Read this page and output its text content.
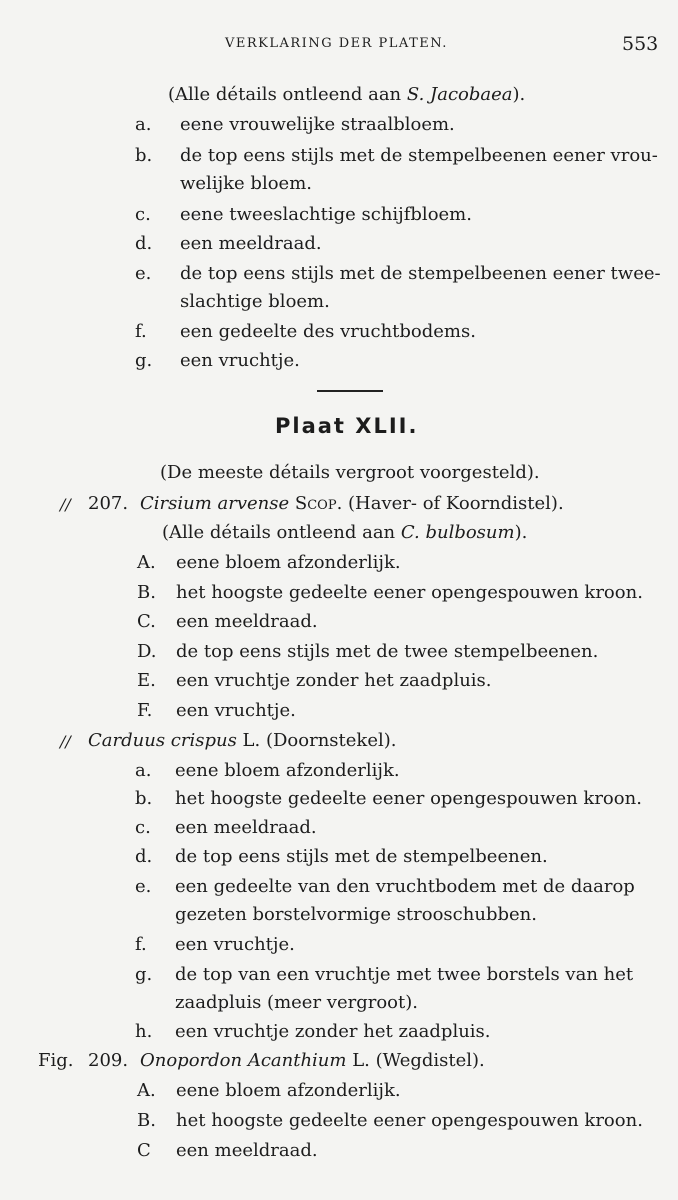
VERKLARING DER PLATEN.	553
(Alle détails ontleend aan S. Jacobaea).
a. eene vrouwelijke straalbloem.
b. de top eens stijls met de stempelbeenen eener vrou-
welijke bloem.
c. eene tweeslachtige schijfbloem.
d. een meeldraad.
e. de top eens stijls met de stempelbeenen eener twee-
slachtige bloem.
f. een gedeelte des vruchtbodems.
g. een vruchtje.
Plaat XLII.
(De meeste détails vergroot voorgesteld).
// 207. Cirsium arvense Scop. (Haver- of Koorndistel).
(Alle détails ontleend aan C. bulbosum).
A. eene bloem afzonderlijk.
B. het hoogste gedeelte eener opengespouwen kroon.
C. een meeldraad.
D. de top eens stijls met de twee stempelbeenen.
E. een vruchtje zonder het zaadpluis.
F. een vruchtje.
// Carduus crispus L. (Doornstekel).
a. eene bloem afzonderlijk.
b. het hoogste gedeelte eener opengespouwen kroon.
c. een meeldraad.
d. de top eens stijls met de stempelbeenen.
e. een gedeelte van den vruchtbodem met de daarop
gezeten borstelvormige strooschubben.
f. een vruchtje.
g. de top van een vruchtje met twee borstels van het
zaadpluis (meer vergroot).
h. een vruchtje zonder het zaadpluis.
Fig. 209. Onopordon Acanthium L. (Wegdistel).
A. eene bloem afzonderlijk.
B. het hoogste gedeelte eener opengespouwen kroon.
C een meeldraad.
